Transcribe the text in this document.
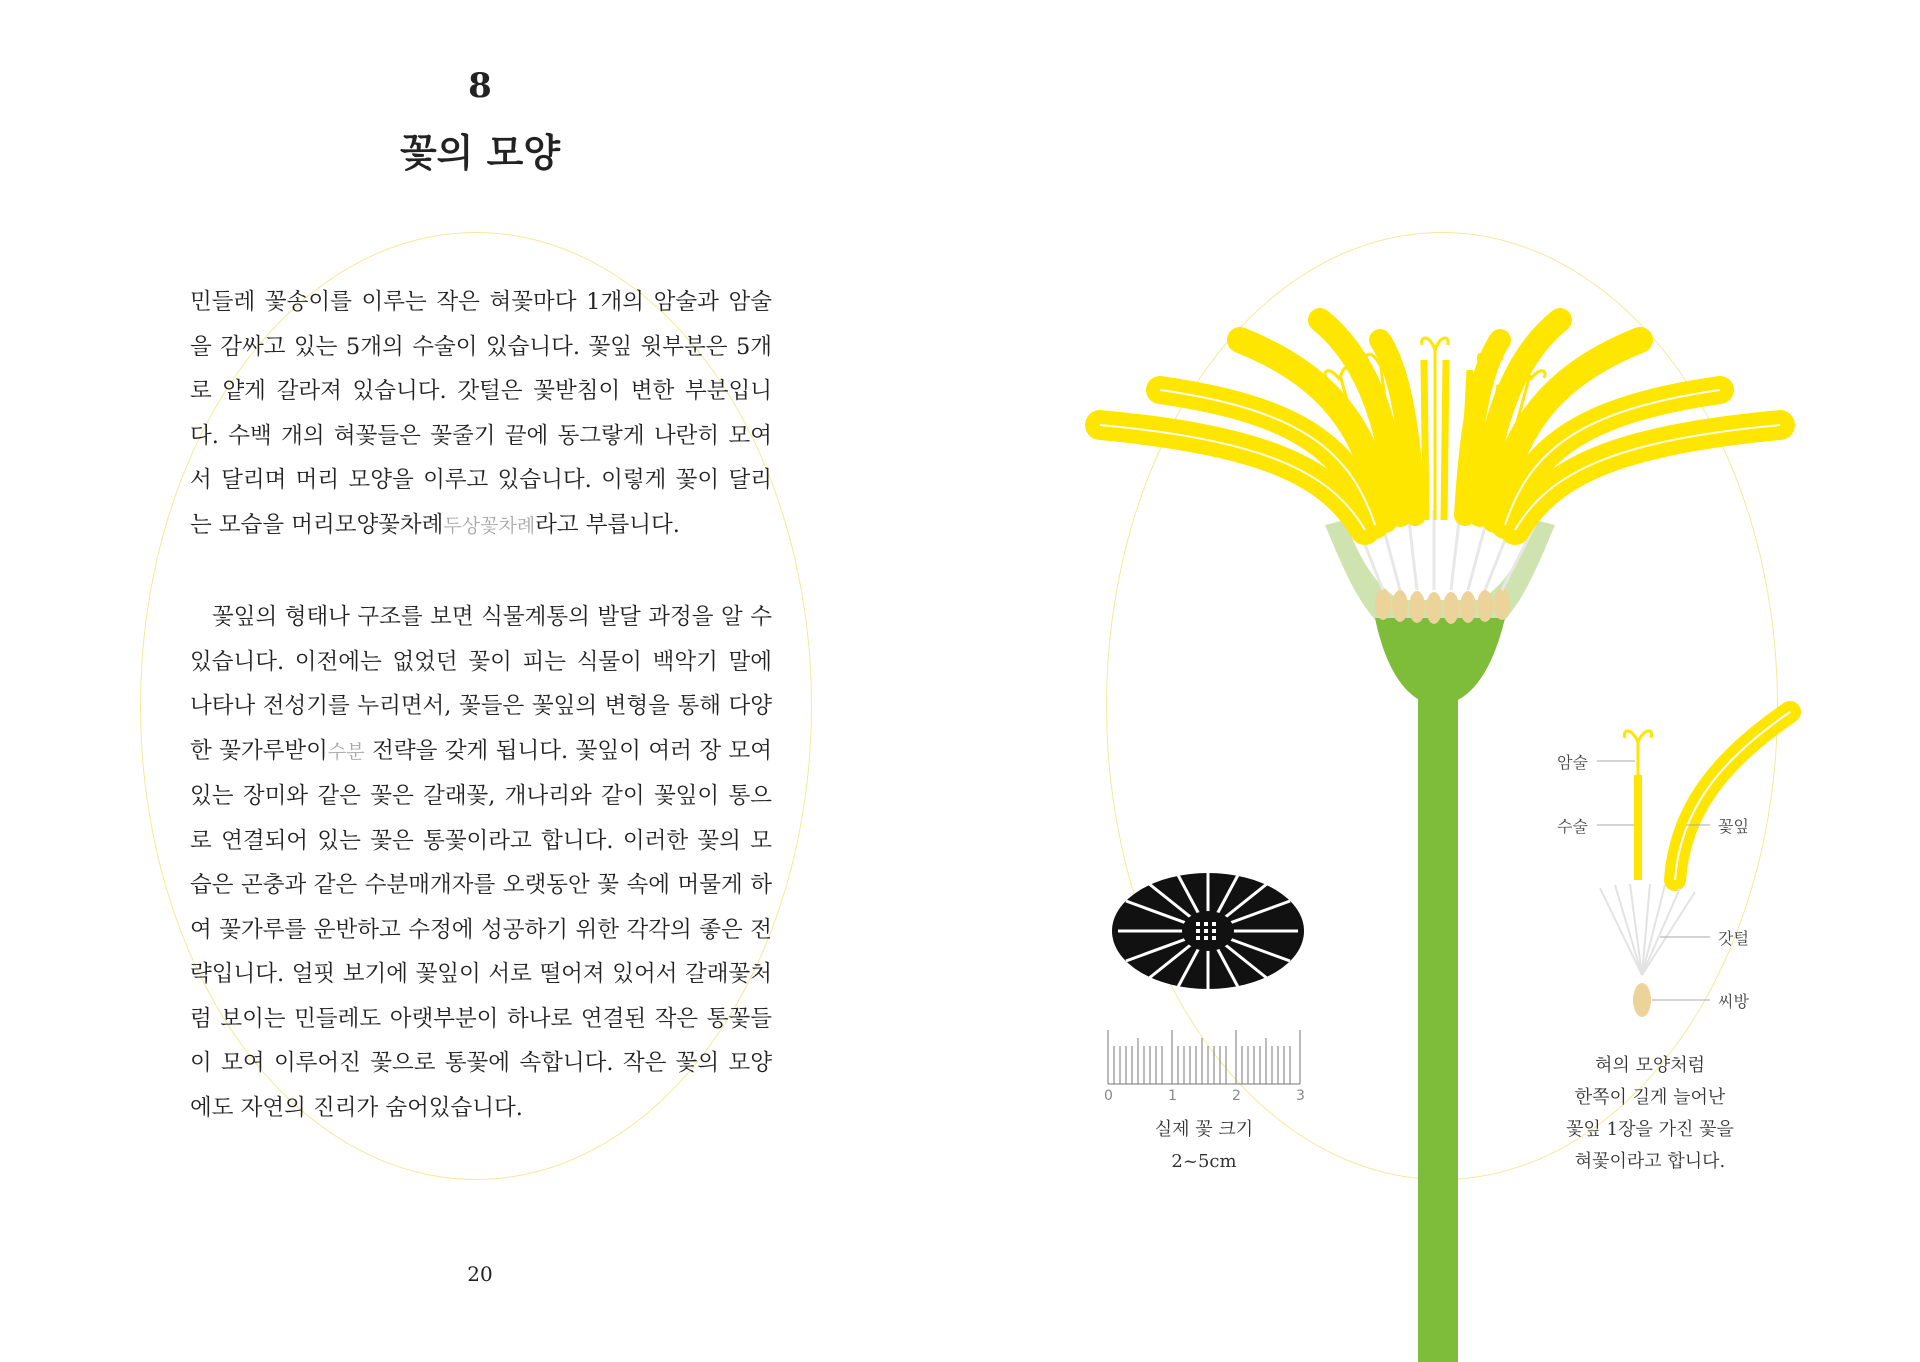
8
꽃의 모양
민들레 꽃송이를 이루는 작은 혀꽃마다 1개의 암술과 암술을 감싸고 있는 5개의 수술이 있습니다. 꽃잎 윗부분은 5개로 얕게 갈라져 있습니다. 갓털은 꽃받침이 변한 부분입니다. 수백 개의 혀꽃들은 꽃줄기 끝에 동그랗게 나란히 모여서 달리며 머리 모양을 이루고 있습니다. 이렇게 꽃이 달리는 모습을 머리모양꽃차례두상꽃차례라고 부릅니다.
꽃잎의 형태나 구조를 보면 식물계통의 발달 과정을 알 수 있습니다. 이전에는 없었던 꽃이 피는 식물이 백악기 말에 나타나 전성기를 누리면서, 꽃들은 꽃잎의 변형을 통해 다양한 꽃가루받이수분 전략을 갖게 됩니다. 꽃잎이 여러 장 모여 있는 장미와 같은 꽃은 갈래꽃, 개나리와 같이 꽃잎이 통으로 연결되어 있는 꽃은 통꽃이라고 합니다. 이러한 꽃의 모습은 곤충과 같은 수분매개자를 오랫동안 꽃 속에 머물게 하여 꽃가루를 운반하고 수정에 성공하기 위한 각각의 좋은 전략입니다. 얼핏 보기에 꽃잎이 서로 떨어져 있어서 갈래꽃처럼 보이는 민들레도 아랫부분이 하나로 연결된 작은 통꽃들이 모여 이루어진 꽃으로 통꽃에 속합니다. 작은 꽃의 모양에도 자연의 진리가 숨어있습니다.
20
0	1	2	3
실제 꽃 크기
2~5cm
암술
수술	꽃잎
갓털
씨방
혀의 모양처럼
한쪽이 길게 늘어난
꽃잎 1장을 가진 꽃을
혀꽃이라고 합니다.
